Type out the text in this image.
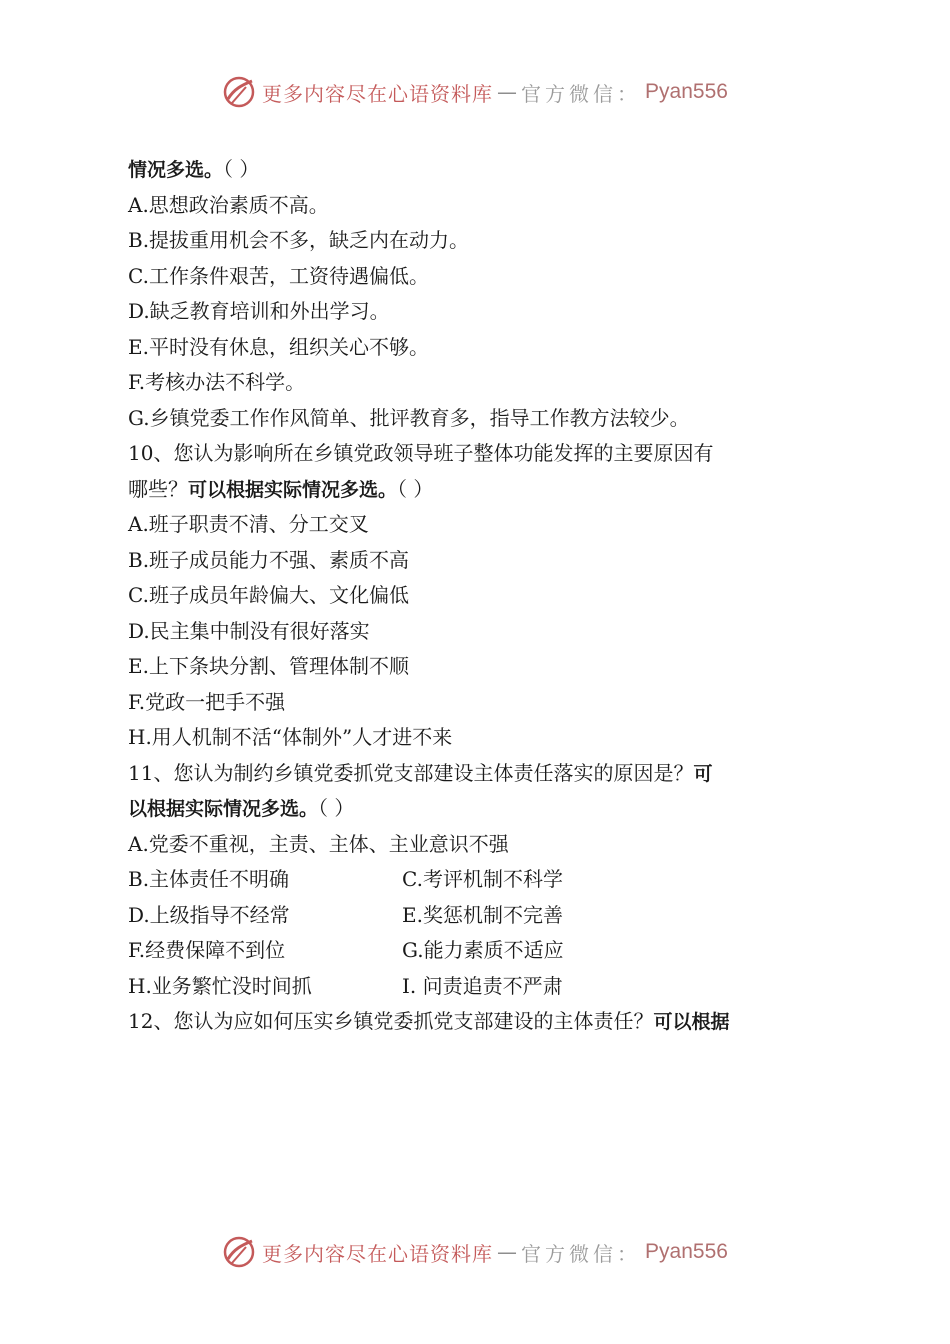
更多内容尽在心语资料库 — 官方微信： Pyan556
情况多选。（ ）
A.思想政治素质不高。
B.提拔重用机会不多，缺乏内在动力。
C.工作条件艰苦，工资待遇偏低。
D.缺乏教育培训和外出学习。
E.平时没有休息，组织关心不够。
F.考核办法不科学。
G.乡镇党委工作作风简单、批评教育多，指导工作教方法较少。
10、您认为影响所在乡镇党政领导班子整体功能发挥的主要原因有
哪些？可以根据实际情况多选。（ ）
A.班子职责不清、分工交叉
B.班子成员能力不强、素质不高
C.班子成员年龄偏大、文化偏低
D.民主集中制没有很好落实
E.上下条块分割、管理体制不顺
F.党政一把手不强
H.用人机制不活“体制外”人才进不来
11、您认为制约乡镇党委抓党支部建设主体责任落实的原因是？可
以根据实际情况多选。（ ）
A.党委不重视，主责、主体、主业意识不强
B.主体责任不明确	C.考评机制不科学
D.上级指导不经常	E.奖惩机制不完善
F.经费保障不到位	G.能力素质不适应
H.业务繁忙没时间抓	I. 问责追责不严肃
12、您认为应如何压实乡镇党委抓党支部建设的主体责任？可以根据
更多内容尽在心语资料库 — 官方微信： Pyan556
